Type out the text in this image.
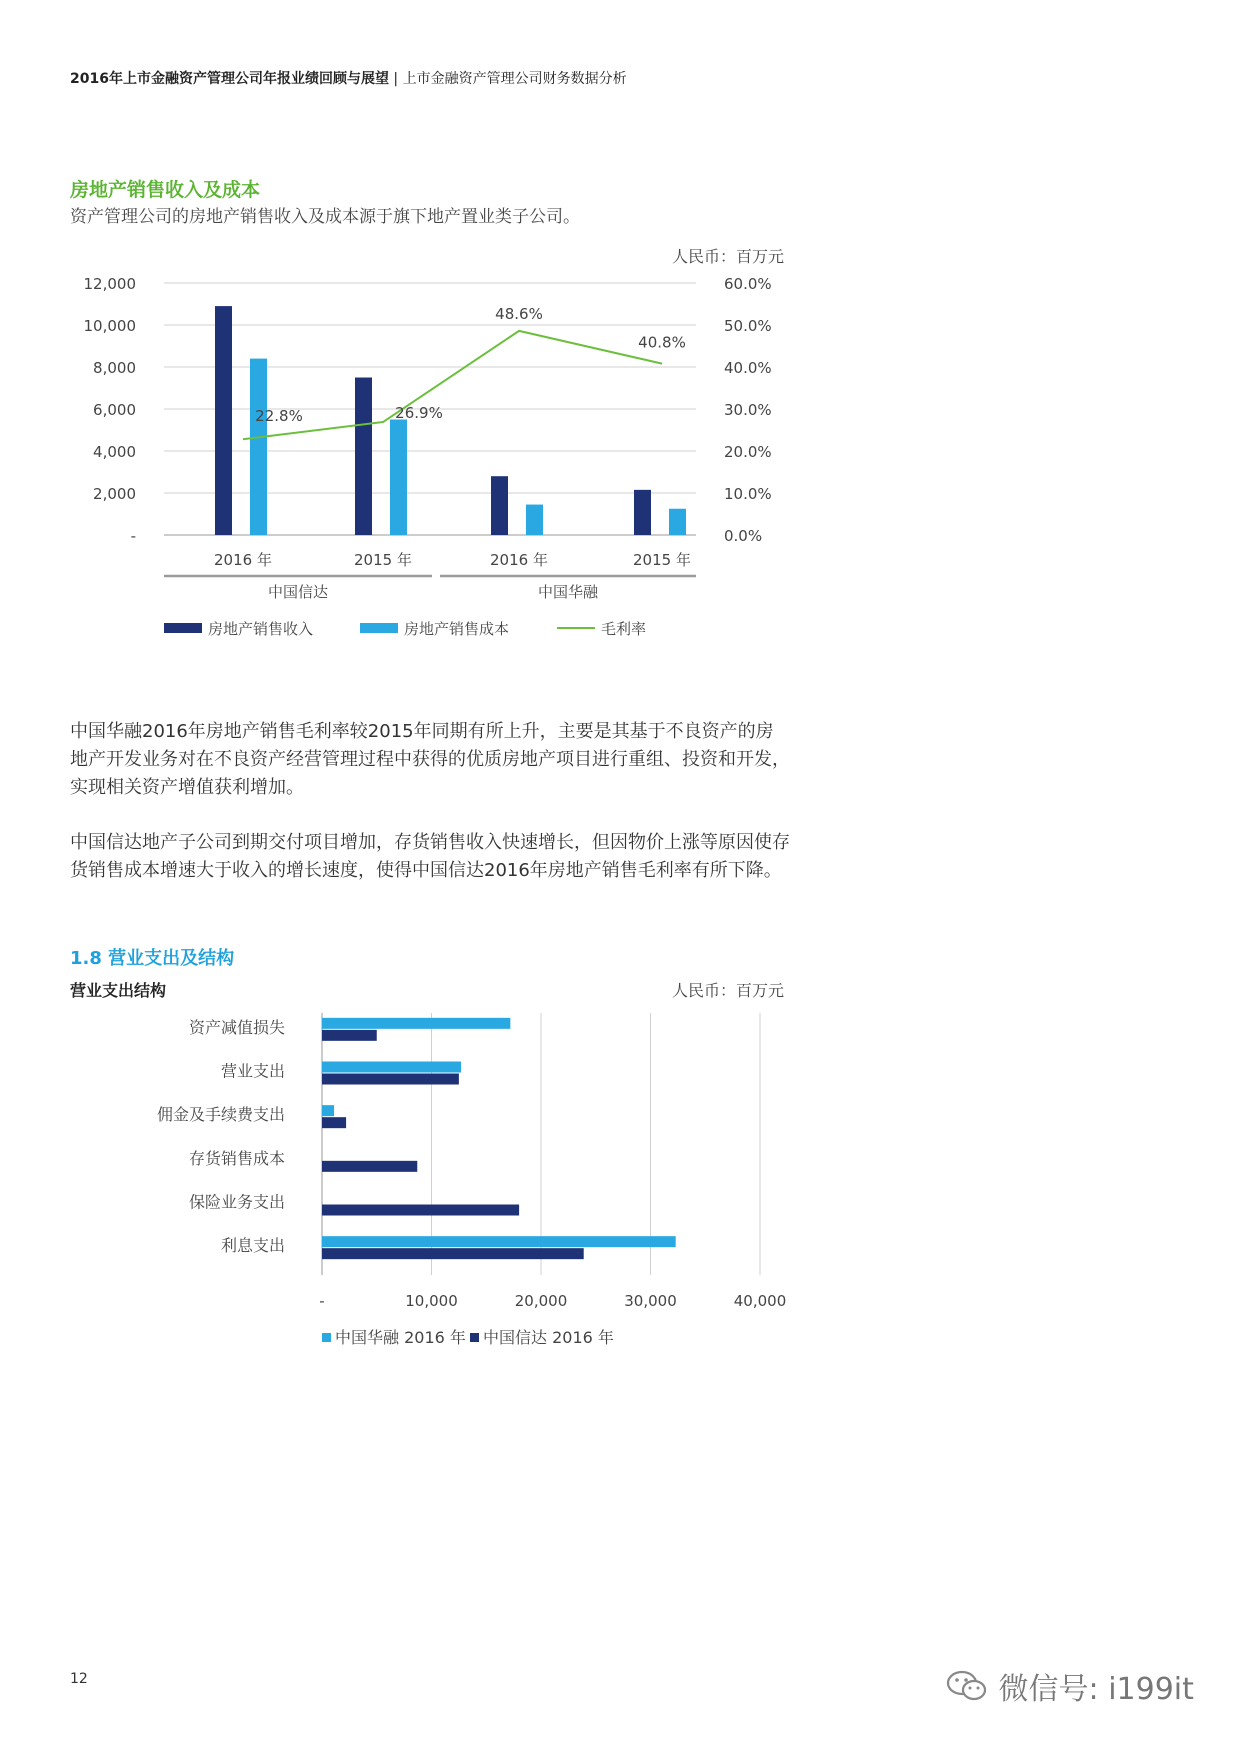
2016年上市金融资产管理公司年报业绩回顾与展望 | 上市金融资产管理公司财务数据分析
房地产销售收入及成本
资产管理公司的房地产销售收入及成本源于旗下地产置业类子公司。
人民币：百万元
-
2,000
4,000
6,000
8,000
10,000
12,000
0.0%
10.0%
20.0%
30.0%
40.0%
50.0%
60.0%
22.8%	26.9%
48.6%
40.8%
2016 年	2015 年	2016 年	2015 年
中国信达	中国华融
房地产销售收入	房地产销售成本	毛利率

中国华融2016年房地产销售毛利率较2015年同期有所上升，主要是其基于不良资产的房地产开发业务对在不良资产经营管理过程中获得的优质房地产项目进行重组、投资和开发，实现相关资产增值获利增加。

中国信达地产子公司到期交付项目增加，存货销售收入快速增长，但因物价上涨等原因使存货销售成本增速大于收入的增长速度，使得中国信达2016年房地产销售毛利率有所下降。

1.8 营业支出及结构
营业支出结构	人民币：百万元
-	10,000	20,000	30,000	40,000
资产减值损失
营业支出
佣金及手续费支出
存货销售成本
保险业务支出
利息支出
中国华融 2016 年 中国信达 2016 年
12	微信号: i199it
